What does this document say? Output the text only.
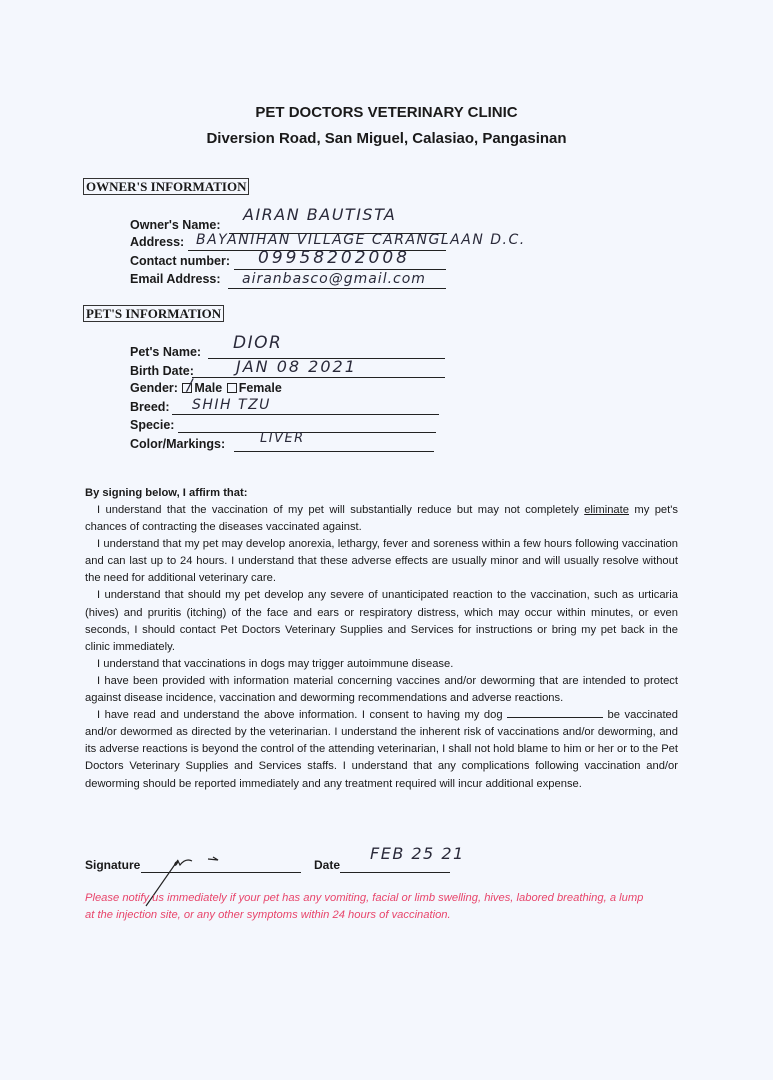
PET DOCTORS VETERINARY CLINIC
Diversion Road, San Miguel, Calasiao, Pangasinan
OWNER'S INFORMATION
Owner's Name:
AIRAN BAUTISTA
Address: BAYANIHAN VILLAGE CARANGLAAN D.C.
Contact number: 09958202008
Email Address: airanbasco@gmail.com
PET'S INFORMATION
Pet's Name: DIOR
Birth Date:	JAN 08 2021
Gender: Male Female
/
Breed: SHIH TZU
Specie:
Color/Markings:	LIVER
By signing below, I affirm that:

I understand that the vaccination of my pet will substantially reduce but may not completely eliminate my pet's chances of contracting the diseases vaccinated against.

I understand that my pet may develop anorexia, lethargy, fever and soreness within a few hours following vaccination and can last up to 24 hours. I understand that these adverse effects are usually minor and will usually resolve without the need for additional veterinary care.

I understand that should my pet develop any severe of unanticipated reaction to the vaccination, such as urticaria (hives) and pruritis (itching) of the face and ears or respiratory distress, which may occur within minutes, or even seconds, I should contact Pet Doctors Veterinary Supplies and Services for instructions or bring my pet back in the clinic immediately.

I understand that vaccinations in dogs may trigger autoimmune disease.

I have been provided with information material concerning vaccines and/or deworming that are intended to protect against disease incidence, vaccination and deworming recommendations and adverse reactions.

I have read and understand the above information. I consent to having my dog	be vaccinated and/or dewormed as directed by the veterinarian. I understand the inherent risk of vaccinations and/or deworming, and its adverse reactions is beyond the control of the attending veterinarian, I shall not hold blame to him or her or to the Pet Doctors Veterinary Supplies and Services staffs. I understand that any complications following vaccination and/or deworming should be reported immediately and any treatment required will incur additional expense.

Signature	Date
FEB 25 21
Please notify us immediately if your pet has any vomiting, facial or limb swelling, hives, labored breathing, a lump at the injection site, or any other symptoms within 24 hours of vaccination.
